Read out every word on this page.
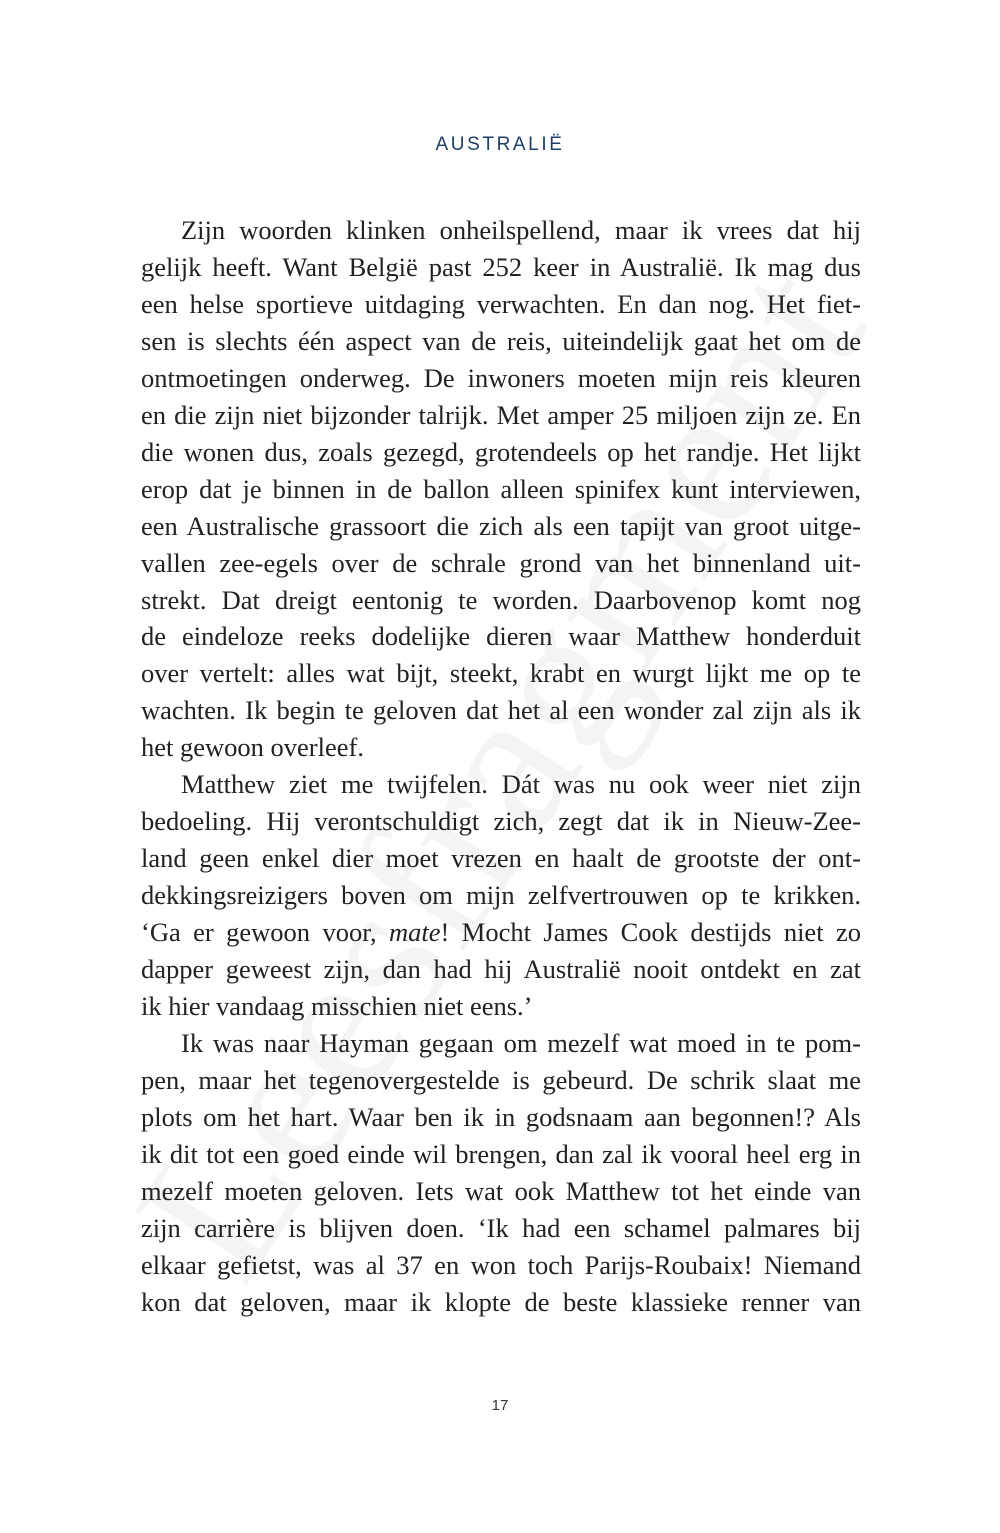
AUSTRALIË

Zijn woorden klinken onheilspellend, maar ik vrees dat hij
gelijk heeft. Want België past 252 keer in Australië. Ik mag dus
een helse sportieve uitdaging verwachten. En dan nog. Het fiet-
sen is slechts één aspect van de reis, uiteindelijk gaat het om de
ontmoetingen onderweg. De inwoners moeten mijn reis kleuren
en die zijn niet bijzonder talrijk. Met amper 25 miljoen zijn ze. En
die wonen dus, zoals gezegd, grotendeels op het randje. Het lijkt
erop dat je binnen in de ballon alleen spinifex kunt interviewen,
een Australische grassoort die zich als een tapijt van groot uitge-
vallen zee-egels over de schrale grond van het binnenland uit-
strekt. Dat dreigt eentonig te worden. Daarbovenop komt nog
de eindeloze reeks dodelijke dieren waar Matthew honderduit
over vertelt: alles wat bijt, steekt, krabt en wurgt lijkt me op te
wachten. Ik begin te geloven dat het al een wonder zal zijn als ik
het gewoon overleef.

Matthew ziet me twijfelen. Dát was nu ook weer niet zijn
bedoeling. Hij verontschuldigt zich, zegt dat ik in Nieuw-Zee-
land geen enkel dier moet vrezen en haalt de grootste der ont-
dekkingsreizigers boven om mijn zelfvertrouwen op te krikken.
‘Ga er gewoon voor, mate! Mocht James Cook destijds niet zo
dapper geweest zijn, dan had hij Australië nooit ontdekt en zat
ik hier vandaag misschien niet eens.’

Ik was naar Hayman gegaan om mezelf wat moed in te pom-
pen, maar het tegenovergestelde is gebeurd. De schrik slaat me
plots om het hart. Waar ben ik in godsnaam aan begonnen!? Als
ik dit tot een goed einde wil brengen, dan zal ik vooral heel erg in
mezelf moeten geloven. Iets wat ook Matthew tot het einde van
zijn carrière is blijven doen. ‘Ik had een schamel palmares bij
elkaar gefietst, was al 37 en won toch Parijs-Roubaix! Niemand
kon dat geloven, maar ik klopte de beste klassieke renner van

17
